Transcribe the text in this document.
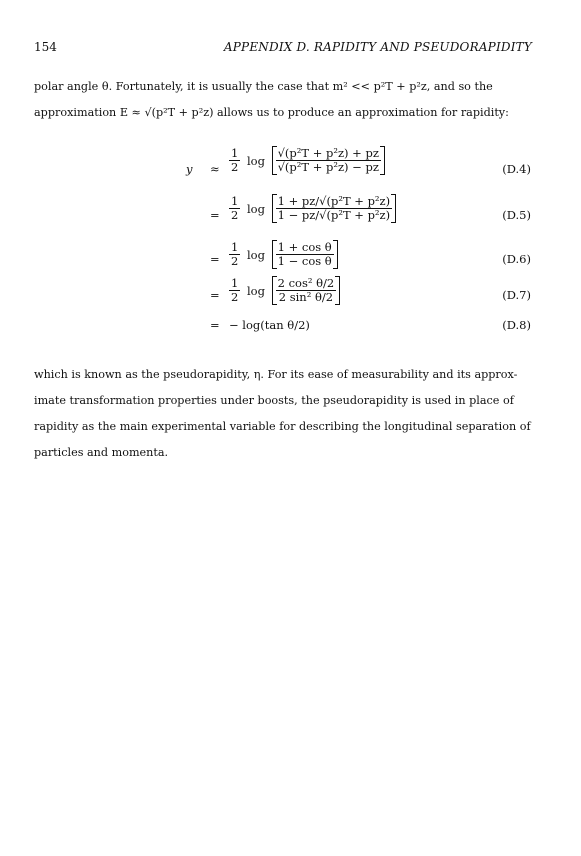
154	APPENDIX D. RAPIDITY AND PSEUDORAPIDITY
polar angle θ. Fortunately, it is usually the case that m² << p²T + p²z, and so the
approximation E ≈ √(p²T + p²z) allows us to produce an approximation for rapidity:
$y \approx \frac{1}{2}$ $\log \frac{\text{√(p²T + p²z) + pz}}{\text{√(p²T + p²z) − pz}}$	(D.4)
= $\frac{1}{2}$ $\log \frac{\text{1 + pz/√(p²T + p²z)}}{\text{1 − pz/√(p²T + p²z)}}$	(D.5)
= $\frac{1}{2}$ $\log \frac{\text{1 + cos θ}}{\text{1 − cos θ}}$	(D.6)
= $\frac{1}{2}$ $\log \frac{\text{2 cos² θ/2}}{\text{2 sin² θ/2}}$	(D.7)
= − log(tan θ/2)	(D.8)
which is known as the pseudorapidity, η. For its ease of measurability and its approx-
imate transformation properties under boosts, the pseudorapidity is used in place of
rapidity as the main experimental variable for describing the longitudinal separation of
particles and momenta.
